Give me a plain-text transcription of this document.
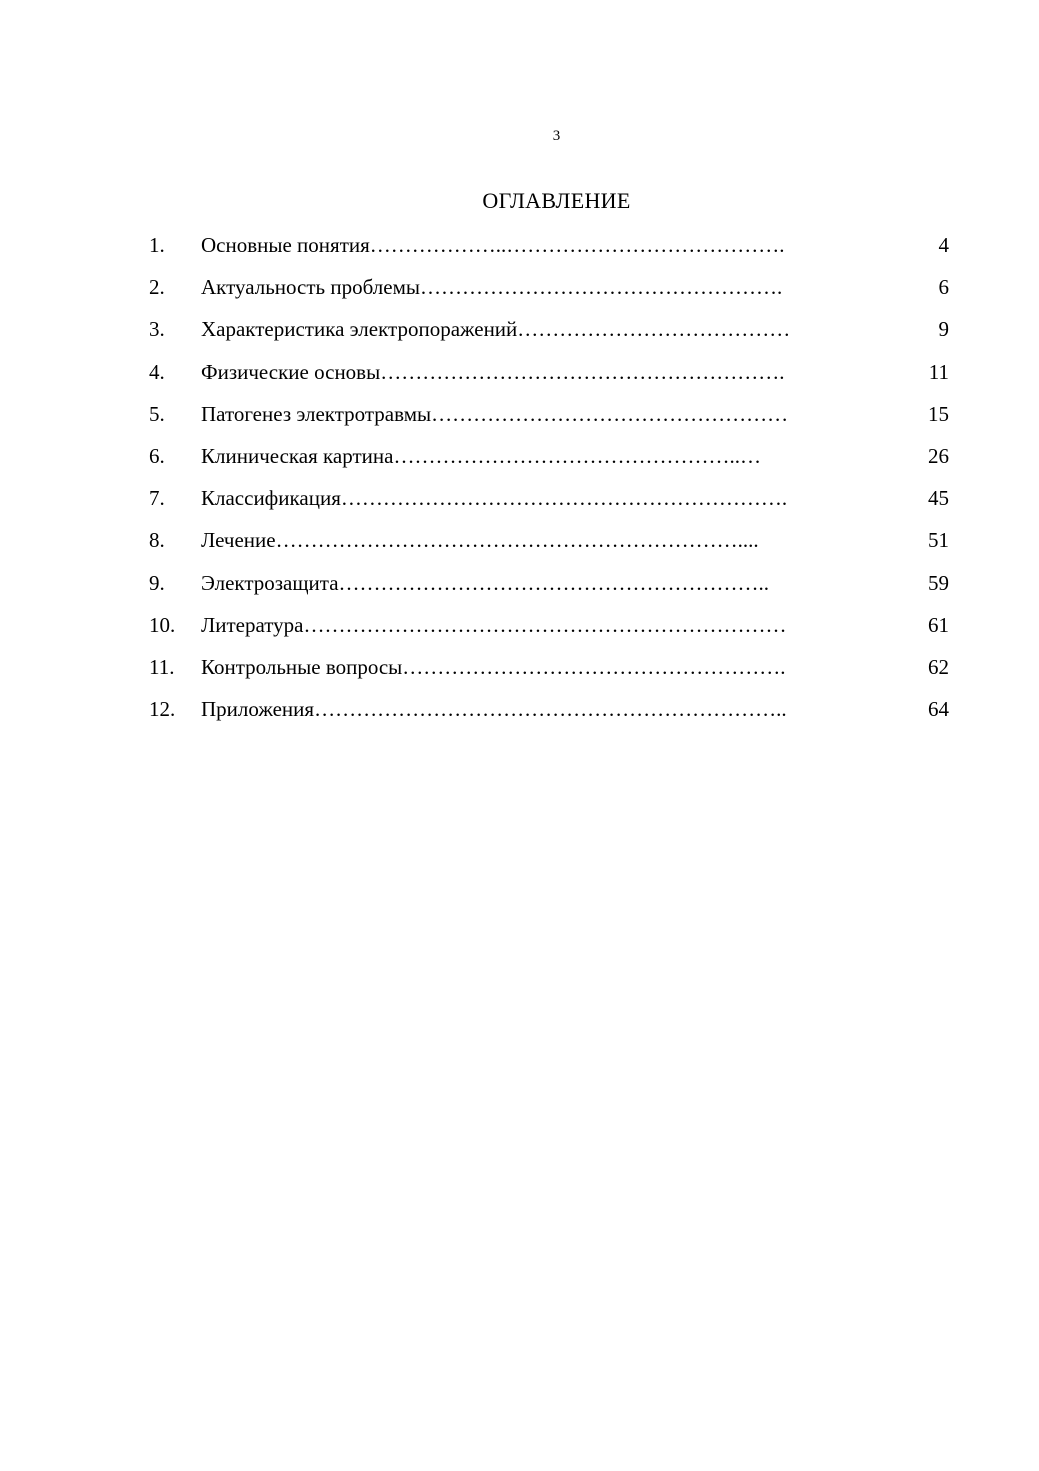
3
ОГЛАВЛЕНИЕ
1. Основные понятия………………..………………………………….	4
2. Актуальность проблемы…………………………………………….	6
3. Характеристика электропоражений…………………………………	9
4. Физические основы………………………………………………….	11
5. Патогенез электротравмы……………………………………………	15
6. Клиническая картина…………………………………………..…	26
7. Классификация……………………………………………………….	45
8. Лечение…………………………………………………………....	51
9. Электрозащита……………………………………………………..	59
10. Литература……………………………………………………………	61
11. Контрольные вопросы……………………………………………….	62
12. Приложения…………………………………………………………..	64
